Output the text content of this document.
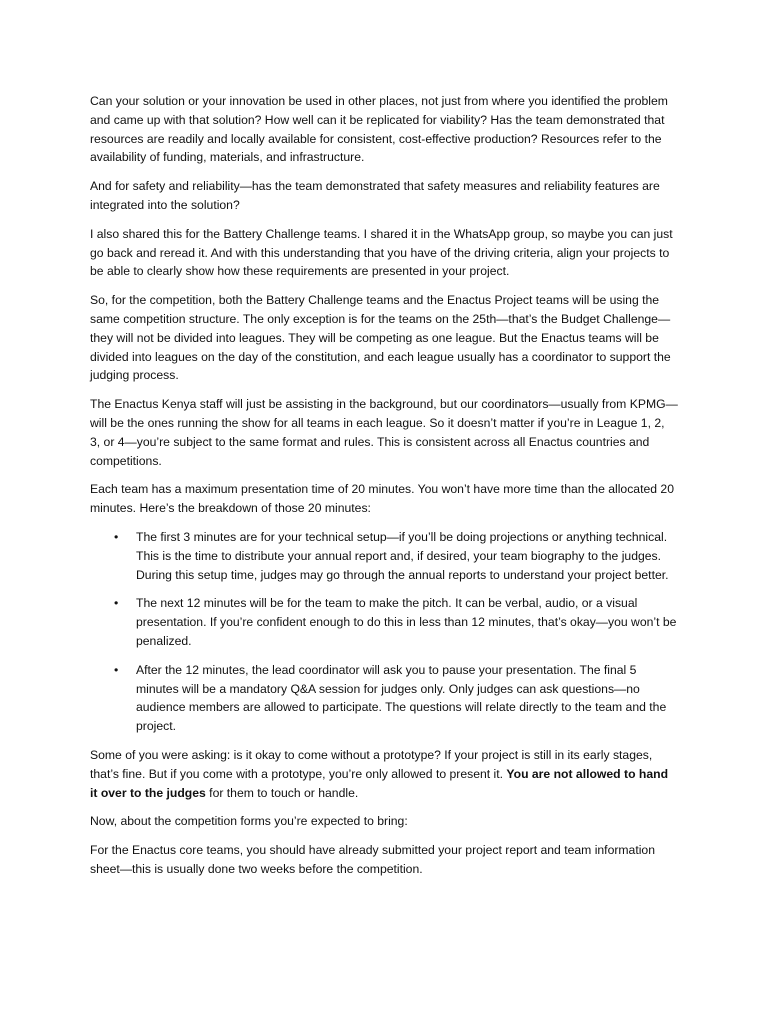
Can your solution or your innovation be used in other places, not just from where you identified the problem and came up with that solution? How well can it be replicated for viability? Has the team demonstrated that resources are readily and locally available for consistent, cost-effective production? Resources refer to the availability of funding, materials, and infrastructure.

And for safety and reliability—has the team demonstrated that safety measures and reliability features are integrated into the solution?

I also shared this for the Battery Challenge teams. I shared it in the WhatsApp group, so maybe you can just go back and reread it. And with this understanding that you have of the driving criteria, align your projects to be able to clearly show how these requirements are presented in your project.

So, for the competition, both the Battery Challenge teams and the Enactus Project teams will be using the same competition structure. The only exception is for the teams on the 25th—that’s the Budget Challenge—they will not be divided into leagues. They will be competing as one league. But the Enactus teams will be divided into leagues on the day of the constitution, and each league usually has a coordinator to support the judging process.

The Enactus Kenya staff will just be assisting in the background, but our coordinators—usually from KPMG—will be the ones running the show for all teams in each league. So it doesn’t matter if you’re in League 1, 2, 3, or 4—you’re subject to the same format and rules. This is consistent across all Enactus countries and competitions.

Each team has a maximum presentation time of 20 minutes. You won’t have more time than the allocated 20 minutes. Here’s the breakdown of those 20 minutes:

• The first 3 minutes are for your technical setup—if you’ll be doing projections or anything technical. This is the time to distribute your annual report and, if desired, your team biography to the judges. During this setup time, judges may go through the annual reports to understand your project better.
• The next 12 minutes will be for the team to make the pitch. It can be verbal, audio, or a visual presentation. If you’re confident enough to do this in less than 12 minutes, that’s okay—you won’t be penalized.
• After the 12 minutes, the lead coordinator will ask you to pause your presentation. The final 5 minutes will be a mandatory Q&A session for judges only. Only judges can ask questions—no audience members are allowed to participate. The questions will relate directly to the team and the project.

Some of you were asking: is it okay to come without a prototype? If your project is still in its early stages, that’s fine. But if you come with a prototype, you’re only allowed to present it. You are not allowed to hand it over to the judges for them to touch or handle.

Now, about the competition forms you’re expected to bring:

For the Enactus core teams, you should have already submitted your project report and team information sheet—this is usually done two weeks before the competition.
